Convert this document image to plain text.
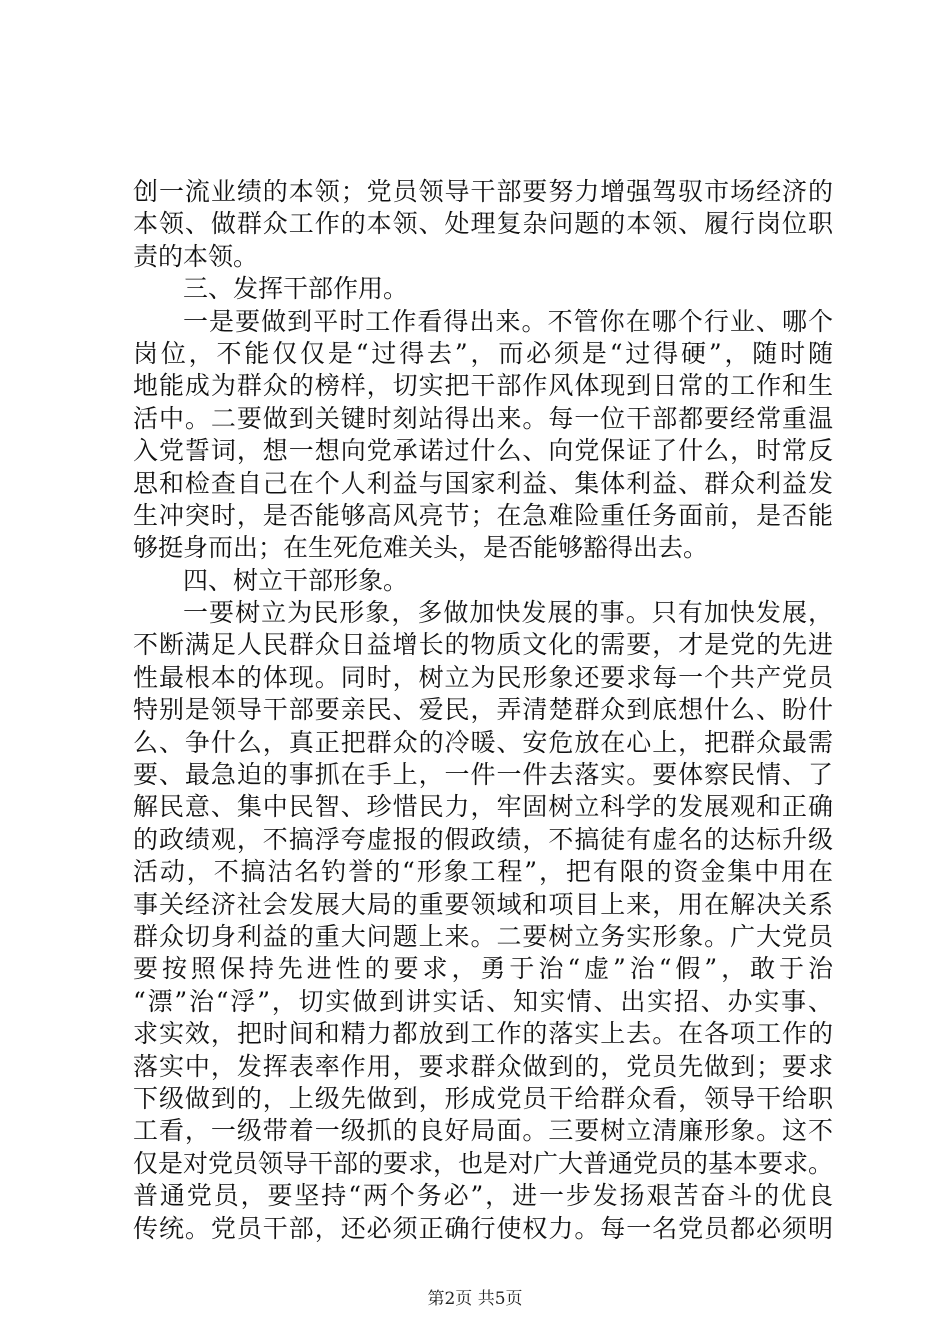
创一流业绩的本领；党员领导干部要努力增强驾驭市场经济的
本领、做群众工作的本领、处理复杂问题的本领、履行岗位职
责的本领。
三、发挥干部作用。
一是要做到平时工作看得出来。不管你在哪个行业、哪个
岗位，不能仅仅是“过得去”，而必须是“过得硬”，随时随
地能成为群众的榜样，切实把干部作风体现到日常的工作和生
活中。二要做到关键时刻站得出来。每一位干部都要经常重温
入党誓词，想一想向党承诺过什么、向党保证了什么，时常反
思和检查自己在个人利益与国家利益、集体利益、群众利益发
生冲突时，是否能够高风亮节；在急难险重任务面前，是否能
够挺身而出；在生死危难关头，是否能够豁得出去。
四、树立干部形象。
一要树立为民形象，多做加快发展的事。只有加快发展，
不断满足人民群众日益增长的物质文化的需要，才是党的先进
性最根本的体现。同时，树立为民形象还要求每一个共产党员
特别是领导干部要亲民、爱民，弄清楚群众到底想什么、盼什
么、争什么，真正把群众的冷暖、安危放在心上，把群众最需
要、最急迫的事抓在手上，一件一件去落实。要体察民情、了
解民意、集中民智、珍惜民力，牢固树立科学的发展观和正确
的政绩观，不搞浮夸虚报的假政绩，不搞徒有虚名的达标升级
活动，不搞沽名钓誉的“形象工程”，把有限的资金集中用在
事关经济社会发展大局的重要领域和项目上来，用在解决关系
群众切身利益的重大问题上来。二要树立务实形象。广大党员
要按照保持先进性的要求，勇于治“虚”治“假”，敢于治
“漂”治“浮”，切实做到讲实话、知实情、出实招、办实事、
求实效，把时间和精力都放到工作的落实上去。在各项工作的
落实中，发挥表率作用，要求群众做到的，党员先做到；要求
下级做到的，上级先做到，形成党员干给群众看，领导干给职
工看，一级带着一级抓的良好局面。三要树立清廉形象。这不
仅是对党员领导干部的要求，也是对广大普通党员的基本要求。
普通党员，要坚持“两个务必”，进一步发扬艰苦奋斗的优良
传统。党员干部，还必须正确行使权力。每一名党员都必须明
第2页 共5页
